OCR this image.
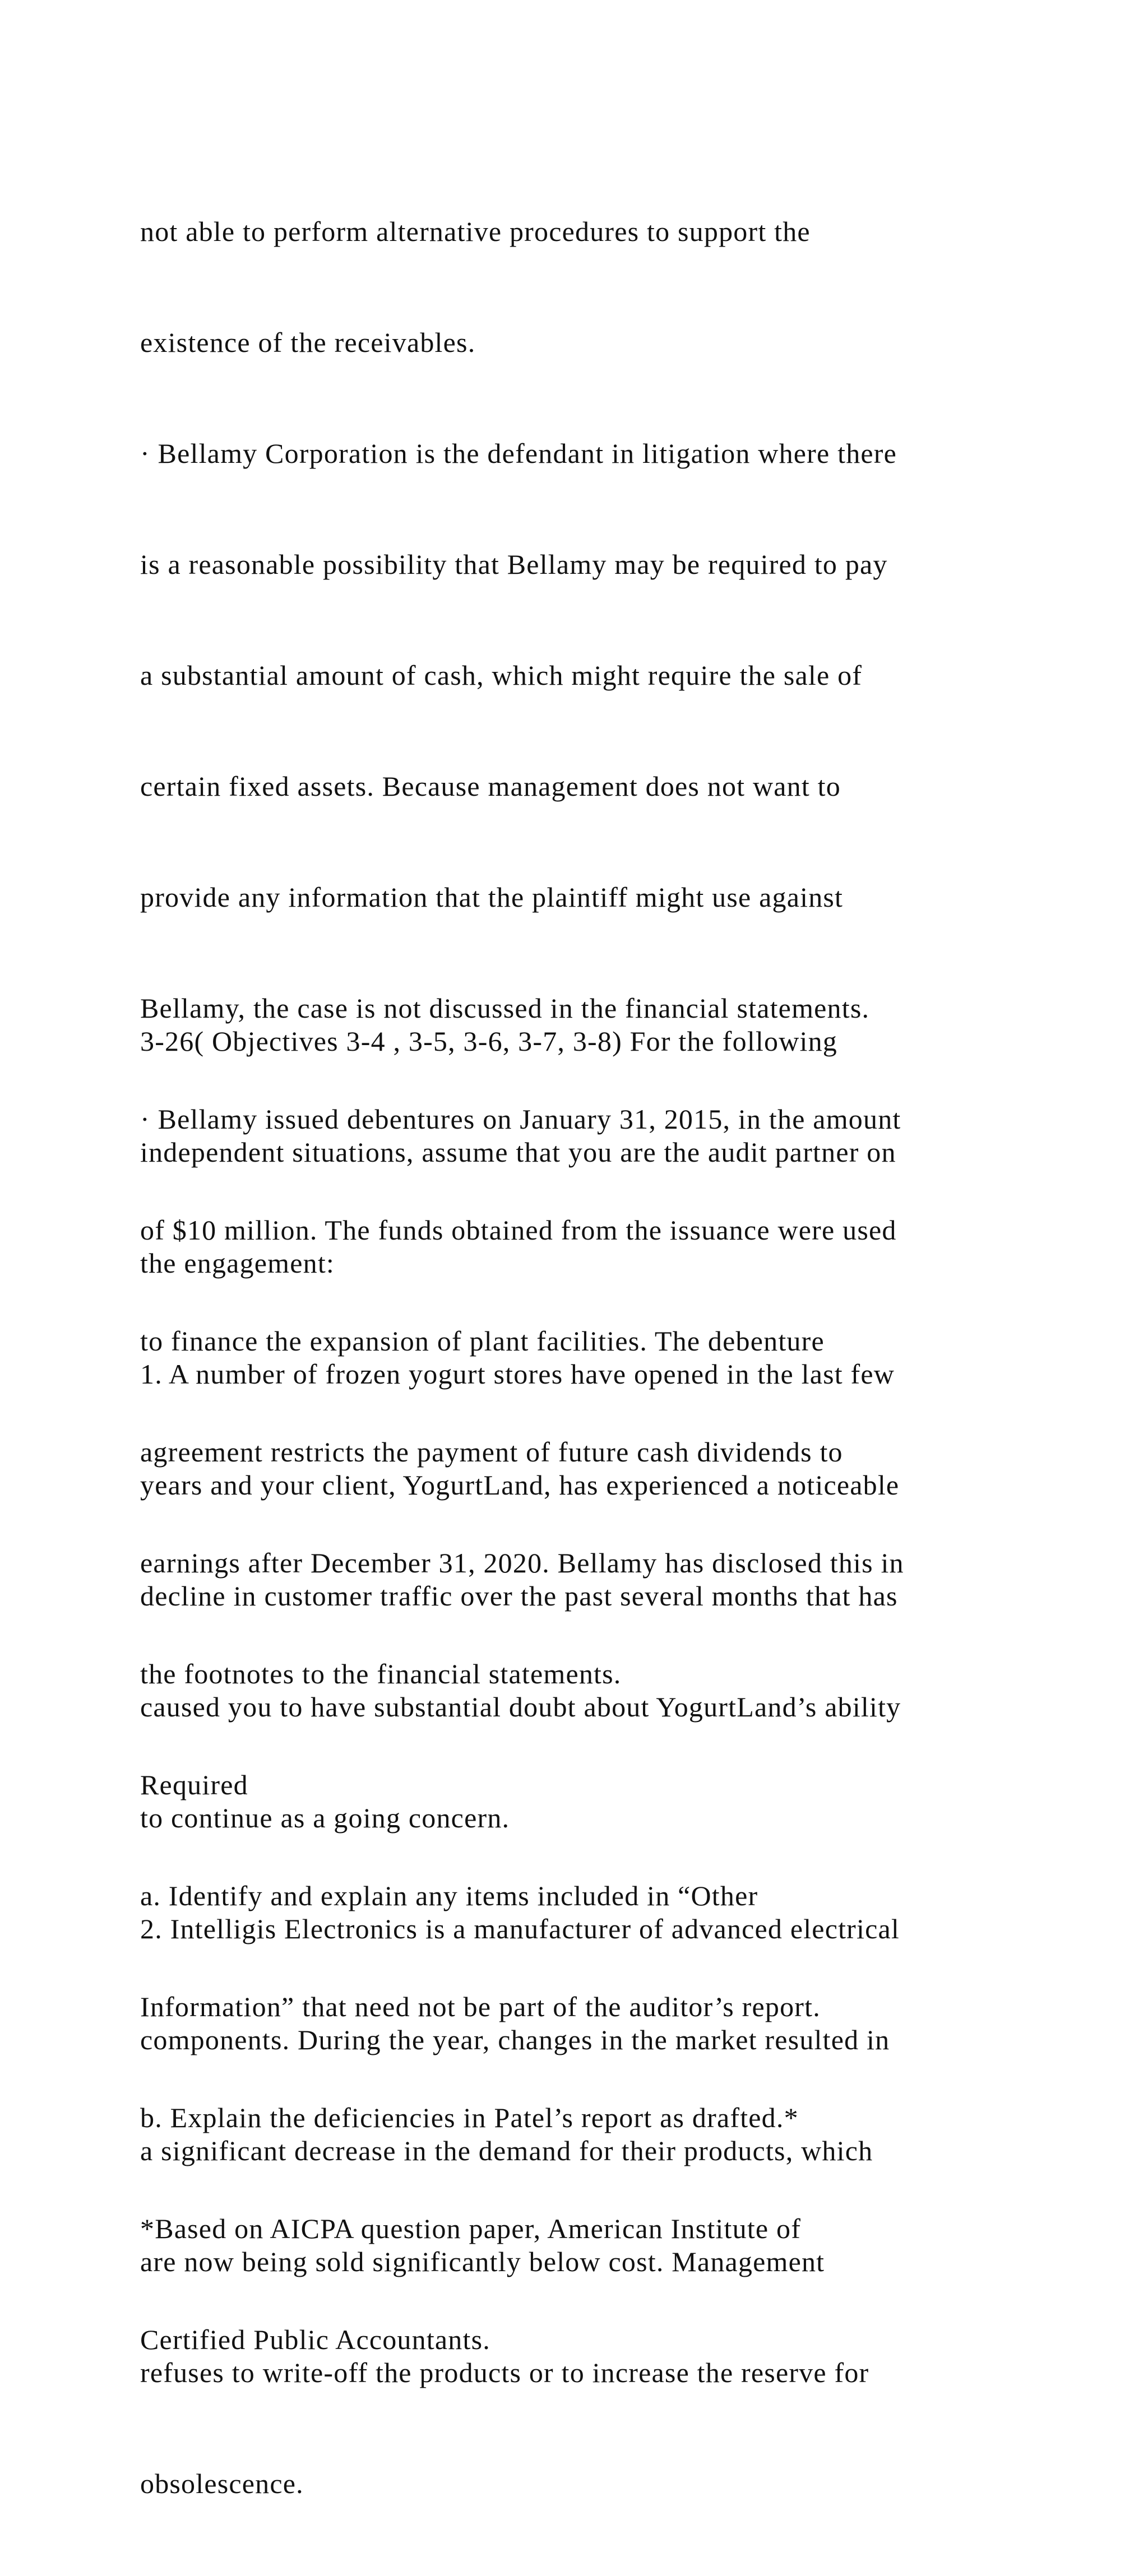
not able to perform alternative procedures to support the

existence of the receivables.

· Bellamy Corporation is the defendant in litigation where there

is a reasonable possibility that Bellamy may be required to pay

a substantial amount of cash, which might require the sale of

certain fixed assets. Because management does not want to

provide any information that the plaintiff might use against

Bellamy, the case is not discussed in the financial statements.

· Bellamy issued debentures on January 31, 2015, in the amount

of $10 million. The funds obtained from the issuance were used

to finance the expansion of plant facilities. The debenture

agreement restricts the payment of future cash dividends to

earnings after December 31, 2020. Bellamy has disclosed this in

the footnotes to the financial statements.

Required

a. Identify and explain any items included in “Other

Information” that need not be part of the auditor’s report.

b. Explain the deficiencies in Patel’s report as drafted.*

*Based on AICPA question paper, American Institute of

Certified Public Accountants.

3-26( Objectives 3-4 , 3-5, 3-6, 3-7, 3-8) For the following

independent situations, assume that you are the audit partner on

the engagement:

1. A number of frozen yogurt stores have opened in the last few

years and your client, YogurtLand, has experienced a noticeable

decline in customer traffic over the past several months that has

caused you to have substantial doubt about YogurtLand’s ability

to continue as a going concern.

2. Intelligis Electronics is a manufacturer of advanced electrical

components. During the year, changes in the market resulted in

a significant decrease in the demand for their products, which

are now being sold significantly below cost. Management

refuses to write-off the products or to increase the reserve for

obsolescence.
